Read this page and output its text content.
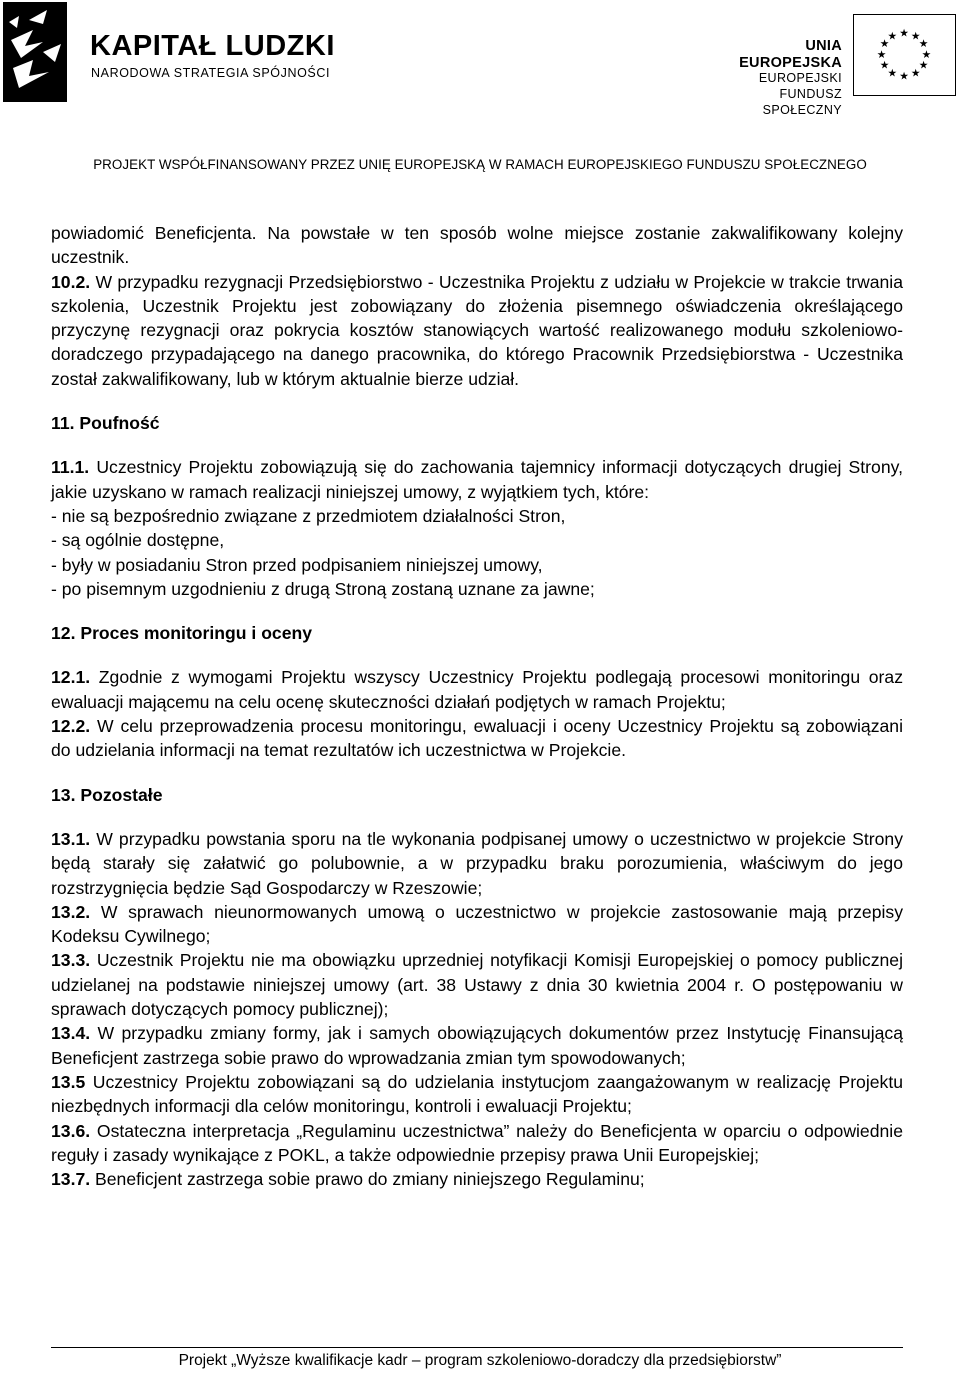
KAPITAŁ LUDZKI
NARODOWA STRATEGIA SPÓJNOŚCI
UNIA EUROPEJSKA
EUROPEJSKI
FUNDUSZ SPOŁECZNY
★ ★
★
★
★
★
★
★
★
★
★
★
PROJEKT WSPÓŁFINANSOWANY PRZEZ UNIĘ EUROPEJSKĄ W RAMACH EUROPEJSKIEGO FUNDUSZU SPOŁECZNEGO

powiadomić Beneficjenta. Na powstałe w ten sposób wolne miejsce zostanie zakwalifikowany kolejny uczestnik.

10.2. W przypadku rezygnacji Przedsiębiorstwo - Uczestnika Projektu z udziału w Projekcie w trakcie trwania szkolenia, Uczestnik Projektu jest zobowiązany do złożenia pisemnego oświadczenia określającego przyczynę rezygnacji oraz pokrycia kosztów stanowiących wartość realizowanego modułu szkoleniowo-doradczego przypadającego na danego pracownika, do którego Pracownik Przedsiębiorstwa - Uczestnika został zakwalifikowany, lub w którym aktualnie bierze udział.

11. Poufność

11.1. Uczestnicy Projektu zobowiązują się do zachowania tajemnicy informacji dotyczących drugiej Strony, jakie uzyskano w ramach realizacji niniejszej umowy, z wyjątkiem tych, które:

- nie są bezpośrednio związane z przedmiotem działalności Stron,

- są ogólnie dostępne,

- były w posiadaniu Stron przed podpisaniem niniejszej umowy,

- po pisemnym uzgodnieniu z drugą Stroną zostaną uznane za jawne;

12. Proces monitoringu i oceny

12.1. Zgodnie z wymogami Projektu wszyscy Uczestnicy Projektu podlegają procesowi monitoringu oraz ewaluacji mającemu na celu ocenę skuteczności działań podjętych w ramach Projektu;

12.2. W celu przeprowadzenia procesu monitoringu, ewaluacji i oceny Uczestnicy Projektu są zobowiązani do udzielania informacji na temat rezultatów ich uczestnictwa w Projekcie.

13. Pozostałe

13.1. W przypadku powstania sporu na tle wykonania podpisanej umowy o uczestnictwo w projekcie Strony będą starały się załatwić go polubownie, a w przypadku braku porozumienia, właściwym do jego rozstrzygnięcia będzie Sąd Gospodarczy w Rzeszowie;

13.2. W sprawach nieunormowanych umową o uczestnictwo w projekcie zastosowanie mają przepisy Kodeksu Cywilnego;

13.3. Uczestnik Projektu nie ma obowiązku uprzedniej notyfikacji Komisji Europejskiej o pomocy publicznej udzielanej na podstawie niniejszej umowy (art. 38 Ustawy z dnia 30 kwietnia 2004 r. O postępowaniu w sprawach dotyczących pomocy publicznej);

13.4. W przypadku zmiany formy, jak i samych obowiązujących dokumentów przez Instytucję Finansującą Beneficjent zastrzega sobie prawo do wprowadzania zmian tym spowodowanych;

13.5 Uczestnicy Projektu zobowiązani są do udzielania instytucjom zaangażowanym w realizację Projektu niezbędnych informacji dla celów monitoringu, kontroli i ewaluacji Projektu;

13.6. Ostateczna interpretacja „Regulaminu uczestnictwa” należy do Beneficjenta w oparciu o odpowiednie reguły i zasady wynikające z POKL, a także odpowiednie przepisy prawa Unii Europejskiej;

13.7. Beneficjent zastrzega sobie prawo do zmiany niniejszego Regulaminu;

Projekt „Wyższe kwalifikacje kadr – program szkoleniowo-doradczy dla przedsiębiorstw”
